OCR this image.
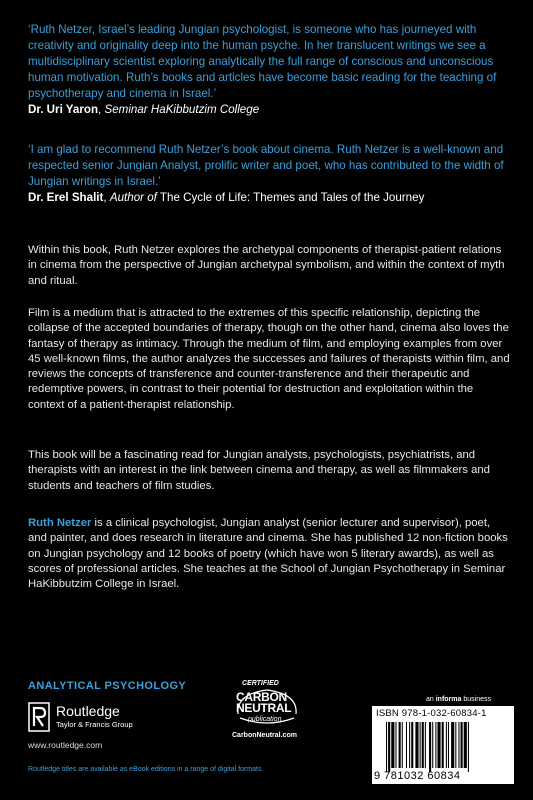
‘Ruth Netzer, Israel’s leading Jungian psychologist, is someone who has journeyed with creativity and originality deep into the human psyche. In her translucent writings we see a multidisciplinary scientist exploring analytically the full range of conscious and unconscious human motivation. Ruth’s books and articles have become basic reading for the teaching of psychotherapy and cinema in Israel.’
Dr. Uri Yaron, Seminar HaKibbutzim College
‘I am glad to recommend Ruth Netzer’s book about cinema. Ruth Netzer is a well-known and respected senior Jungian Analyst, prolific writer and poet, who has contributed to the width of Jungian writings in Israel.’
Dr. Erel Shalit, Author of The Cycle of Life: Themes and Tales of the Journey
Within this book, Ruth Netzer explores the archetypal components of therapist-patient relations in cinema from the perspective of Jungian archetypal symbolism, and within the context of myth and ritual.
Film is a medium that is attracted to the extremes of this specific relationship, depicting the collapse of the accepted boundaries of therapy, though on the other hand, cinema also loves the fantasy of therapy as intimacy. Through the medium of film, and employing examples from over 45 well-known films, the author analyzes the successes and failures of therapists within film, and reviews the concepts of transference and counter-transference and their therapeutic and redemptive powers, in contrast to their potential for destruction and exploitation within the context of a patient-therapist relationship.
This book will be a fascinating read for Jungian analysts, psychologists, psychiatrists, and therapists with an interest in the link between cinema and therapy, as well as filmmakers and students and teachers of film studies.
Ruth Netzer is a clinical psychologist, Jungian analyst (senior lecturer and supervisor), poet, and painter, and does research in literature and cinema. She has published 12 non-fiction books on Jungian psychology and 12 books of poetry (which have won 5 literary awards), as well as scores of professional articles. She teaches at the School of Jungian Psychotherapy in Seminar HaKibbutzim College in Israel.
ANALYTICAL PSYCHOLOGY
Routledge
Taylor & Francis Group
www.routledge.com
CERTIFIED
CARBON
NEUTRAL
publication
CarbonNeutral.com
an informa business
ISBN 978-1-032-60834-1
9 781032 60834
Routledge titles are available as eBook editions in a range of digital formats
